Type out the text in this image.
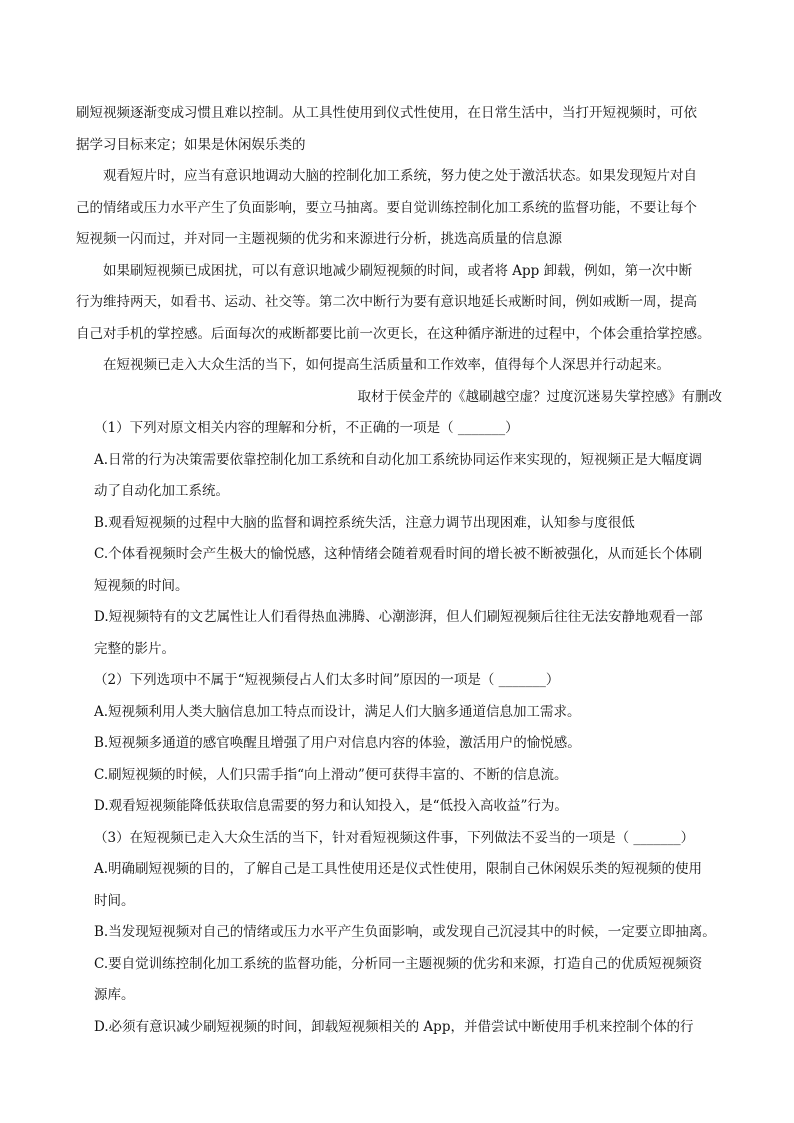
刷短视频逐渐变成习惯且难以控制。从工具性使用到仪式性使用，在日常生活中，当打开短视频时，可依
据学习目标来定；如果是休闲娱乐类的
观看短片时，应当有意识地调动大脑的控制化加工系统，努力使之处于激活状态。如果发现短片对自
己的情绪或压力水平产生了负面影响，要立马抽离。要自觉训练控制化加工系统的监督功能，不要让每个
短视频一闪而过，并对同一主题视频的优劣和来源进行分析，挑选高质量的信息源
如果刷短视频已成困扰，可以有意识地减少刷短视频的时间，或者将 App 卸载，例如，第一次中断
行为维持两天，如看书、运动、社交等。第二次中断行为要有意识地延长戒断时间，例如戒断一周，提高
自己对手机的掌控感。后面每次的戒断都要比前一次更长，在这种循序渐进的过程中，个体会重拾掌控感。
在短视频已走入大众生活的当下，如何提高生活质量和工作效率，值得每个人深思并行动起来。
取材于侯金芹的《越刷越空虚？过度沉迷易失掌控感》有删改
（1）下列对原文相关内容的理解和分析，不正确的一项是（ _______）
A.日常的行为决策需要依靠控制化加工系统和自动化加工系统协同运作来实现的，短视频正是大幅度调
动了自动化加工系统。
B.观看短视频的过程中大脑的监督和调控系统失活，注意力调节出现困难，认知参与度很低
C.个体看视频时会产生极大的愉悦感，这种情绪会随着观看时间的增长被不断被强化，从而延长个体刷
短视频的时间。
D.短视频特有的文艺属性让人们看得热血沸腾、心潮澎湃，但人们刷短视频后往往无法安静地观看一部
完整的影片。
（2）下列选项中不属于“短视频侵占人们太多时间”原因的一项是（ _______）
A.短视频利用人类大脑信息加工特点而设计，满足人们大脑多通道信息加工需求。
B.短视频多通道的感官唤醒且增强了用户对信息内容的体验，激活用户的愉悦感。
C.刷短视频的时候，人们只需手指“向上滑动”便可获得丰富的、不断的信息流。
D.观看短视频能降低获取信息需要的努力和认知投入，是“低投入高收益”行为。
（3）在短视频已走入大众生活的当下，针对看短视频这件事，下列做法不妥当的一项是（ _______）
A.明确刷短视频的目的，了解自己是工具性使用还是仪式性使用，限制自己休闲娱乐类的短视频的使用
时间。
B.当发现短视频对自己的情绪或压力水平产生负面影响，或发现自己沉浸其中的时候，一定要立即抽离。
C.要自觉训练控制化加工系统的监督功能，分析同一主题视频的优劣和来源，打造自己的优质短视频资
源库。
D.必须有意识减少刷短视频的时间，卸载短视频相关的 App，并借尝试中断使用手机来控制个体的行
